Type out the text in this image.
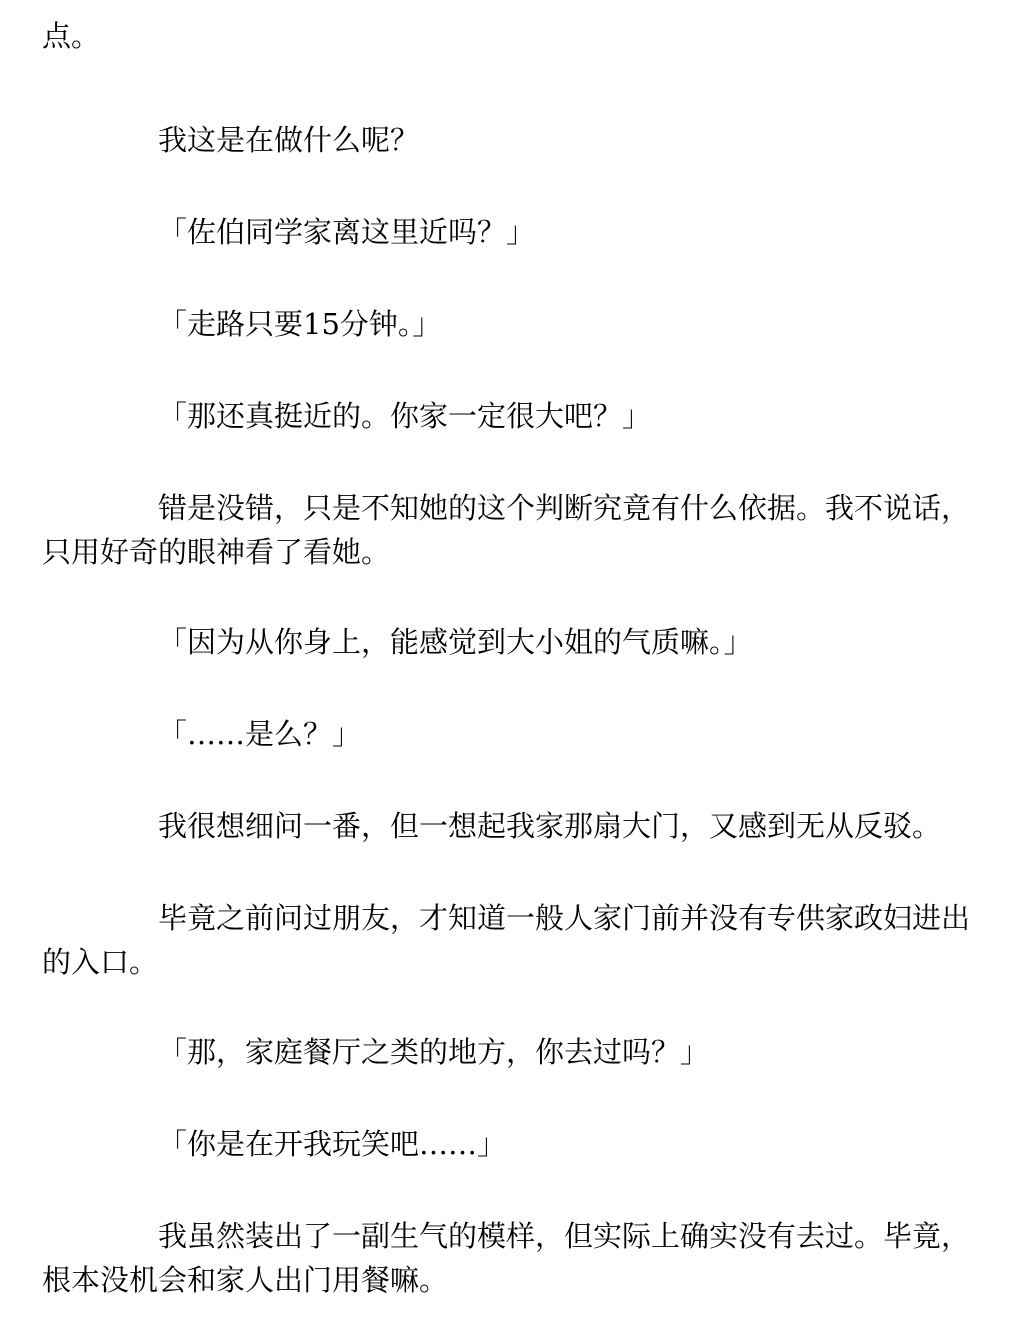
点。

我这是在做什么呢？

「佐伯同学家离这里近吗？」

「走路只要15分钟。」

「那还真挺近的。你家一定很大吧？」

错是没错，只是不知她的这个判断究竟有什么依据。我不说话，只用好奇的眼神看了看她。

「因为从你身上，能感觉到大小姐的气质嘛。」

「……是么？」

我很想细问一番，但一想起我家那扇大门，又感到无从反驳。

毕竟之前问过朋友，才知道一般人家门前并没有专供家政妇进出的入口。

「那，家庭餐厅之类的地方，你去过吗？」

「你是在开我玩笑吧……」

我虽然装出了一副生气的模样，但实际上确实没有去过。毕竟，根本没机会和家人出门用餐嘛。
